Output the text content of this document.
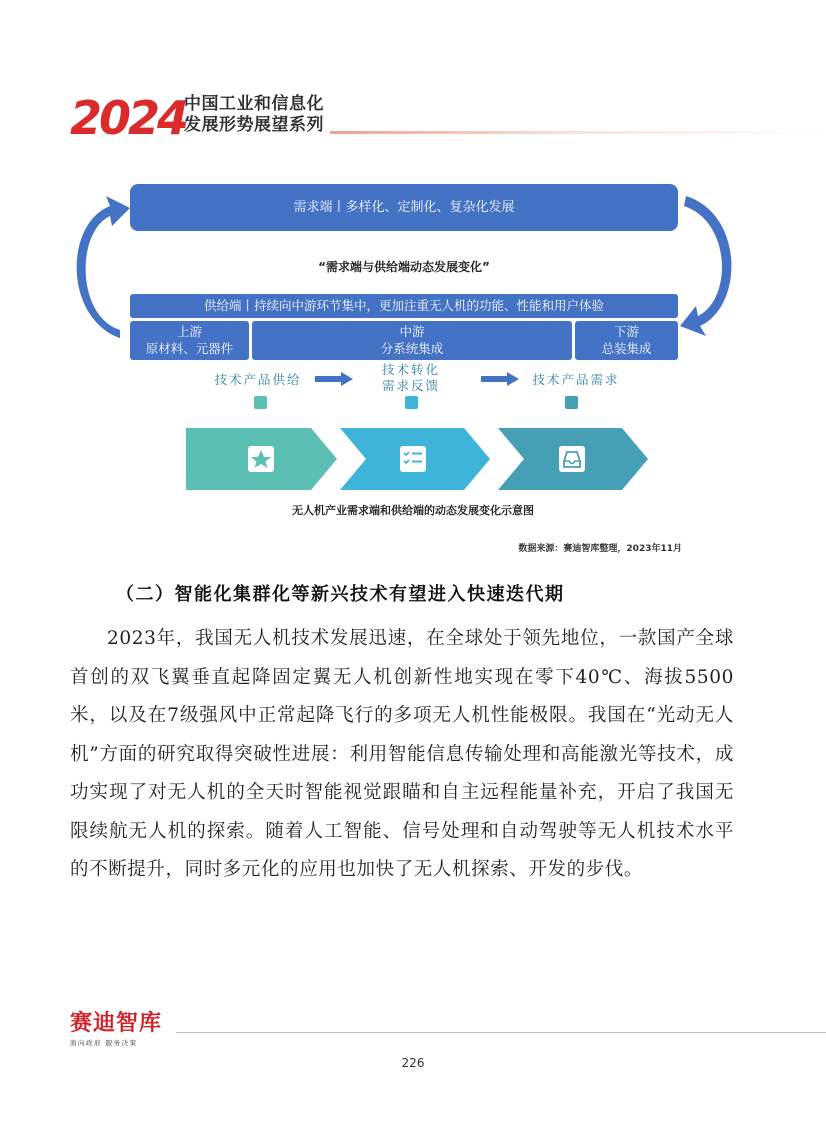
2024
中国工业和信息化
发展形势展望系列
需求端丨多样化、定制化、复杂化发展
“需求端与供给端动态发展变化”
供给端丨持续向中游环节集中，更加注重无人机的功能、性能和用户体验
上游
原材料、元器件
中游
分系统集成
下游
总装集成
技术产品供给
技术转化
需求反馈	技术产品需求
无人机产业需求端和供给端的动态发展变化示意图
数据来源：赛迪智库整理，2023年11月
（二）智能化集群化等新兴技术有望进入快速迭代期

2023年，我国无人机技术发展迅速，在全球处于领先地位，一款国产全球首创的双飞翼垂直起降固定翼无人机创新性地实现在零下40℃、海拔5500米，以及在7级强风中正常起降飞行的多项无人机性能极限。我国在“光动无人机”方面的研究取得突破性进展：利用智能信息传输处理和高能激光等技术，成功实现了对无人机的全天时智能视觉跟瞄和自主远程能量补充，开启了我国无限续航无人机的探索。随着人工智能、信号处理和自动驾驶等无人机技术水平的不断提升，同时多元化的应用也加快了无人机探索、开发的步伐。

赛迪智库
面向政府 服务决策
226
